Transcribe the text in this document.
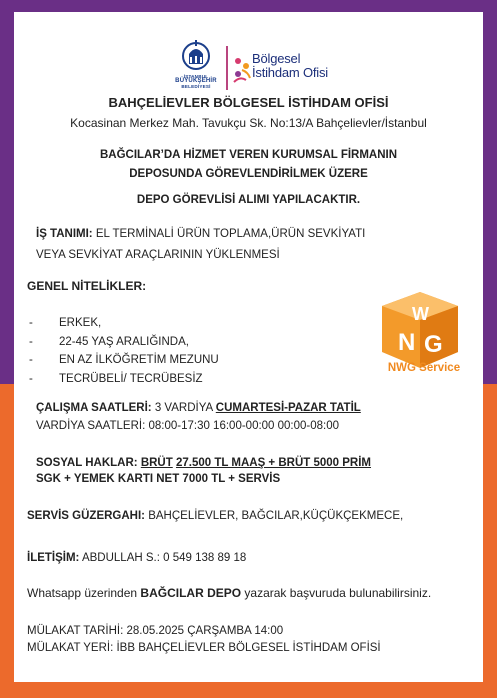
İSTANBUL
BÜYÜKŞEHİR
BELEDİYESİ
Bölgesel
İstihdam Ofisi
BAHÇELİEVLER BÖLGESEL İSTİHDAM OFİSİ
Kocasinan Merkez Mah. Tavukçu Sk. No:13/A Bahçelievler/İstanbul
BAĞCILAR’DA HİZMET VEREN KURUMSAL FİRMANIN
DEPOSUNDA GÖREVLENDİRİLMEK ÜZERE
DEPO GÖREVLİSİ ALIMI YAPILACAKTIR.
İŞ TANIMI: EL TERMİNALİ ÜRÜN TOPLAMA,ÜRÜN SEVKİYATI
VEYA SEVKİYAT ARAÇLARININ YÜKLENMESİ
GENEL NİTELİKLER:
- ERKEK,
- 22-45 YAŞ ARALIĞINDA,
- EN AZ İLKÖĞRETİM MEZUNU
- TECRÜBELİ/ TECRÜBESİZ
N G
W
NWG Service
ÇALIŞMA SAATLERİ: 3 VARDİYA CUMARTESİ-PAZAR TATİL
VARDİYA SAATLERİ: 08:00-17:30 16:00-00:00 00:00-08:00
SOSYAL HAKLAR: BRÜT 27.500 TL MAAŞ + BRÜT 5000 PRİM
SGK + YEMEK KARTI NET 7000 TL + SERVİS
SERVİS GÜZERGAHI: BAHÇELİEVLER, BAĞCILAR,KÜÇÜKÇEKMECE,
İLETİŞİM: ABDULLAH S.: 0 549 138 89 18
Whatsapp üzerinden BAĞCILAR DEPO yazarak başvuruda bulunabilirsiniz.
MÜLAKAT TARİHİ: 28.05.2025 ÇARŞAMBA 14:00
MÜLAKAT YERİ: İBB BAHÇELİEVLER BÖLGESEL İSTİHDAM OFİSİ
